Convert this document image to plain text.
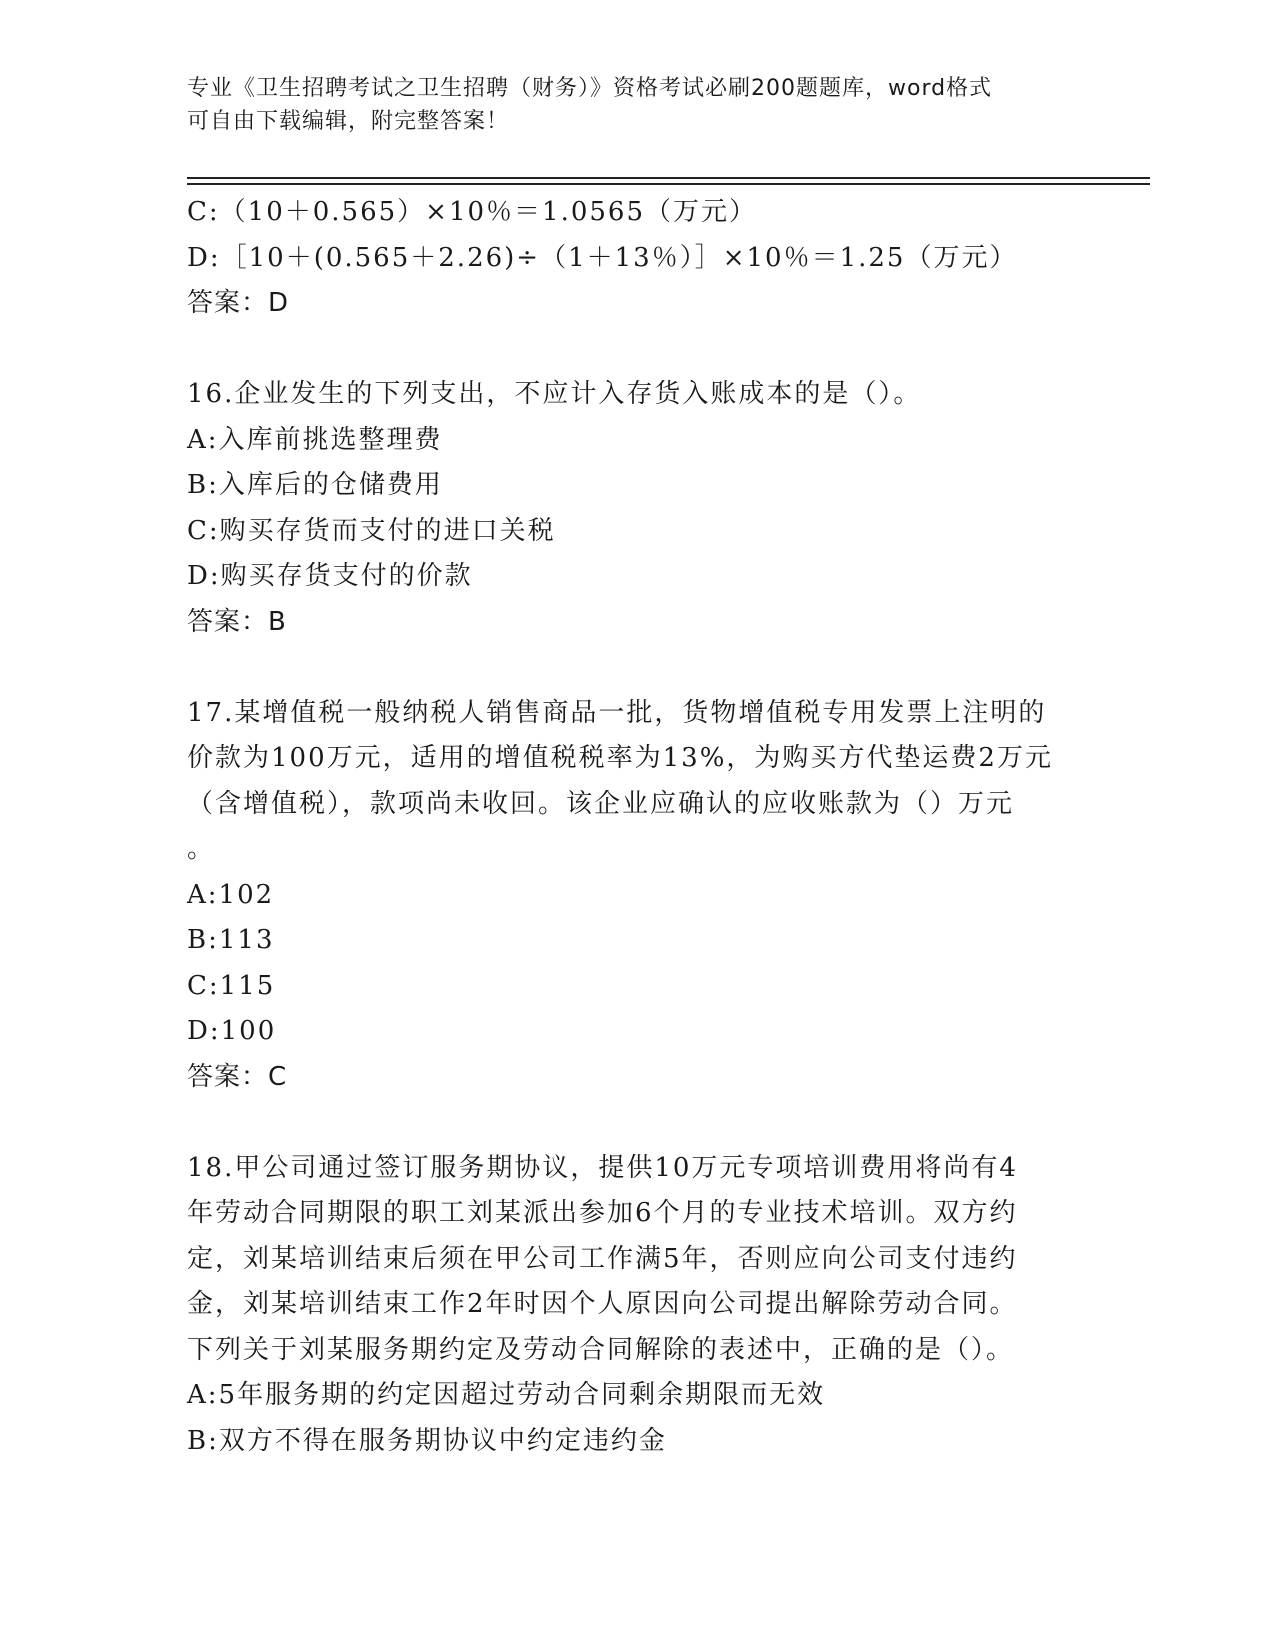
专业《卫生招聘考试之卫生招聘（财务）》资格考试必刷200题题库，word格式
可自由下载编辑，附完整答案！
C:（10＋0.565）×10％＝1.0565（万元）
D:［10＋(0.565＋2.26)÷（1＋13％）］×10％＝1.25（万元）
答案：D
16.企业发生的下列支出，不应计入存货入账成本的是（）。
A:入库前挑选整理费
B:入库后的仓储费用
C:购买存货而支付的进口关税
D:购买存货支付的价款
答案：B
17.某增值税一般纳税人销售商品一批，货物增值税专用发票上注明的
价款为100万元，适用的增值税税率为13%，为购买方代垫运费2万元
（含增值税），款项尚未收回。该企业应确认的应收账款为（）万元
。
A:102
B:113
C:115
D:100
答案：C
18.甲公司通过签订服务期协议，提供10万元专项培训费用将尚有4
年劳动合同期限的职工刘某派出参加6个月的专业技术培训。双方约
定，刘某培训结束后须在甲公司工作满5年，否则应向公司支付违约
金，刘某培训结束工作2年时因个人原因向公司提出解除劳动合同。
下列关于刘某服务期约定及劳动合同解除的表述中，正确的是（）。
A:5年服务期的约定因超过劳动合同剩余期限而无效
B:双方不得在服务期协议中约定违约金
